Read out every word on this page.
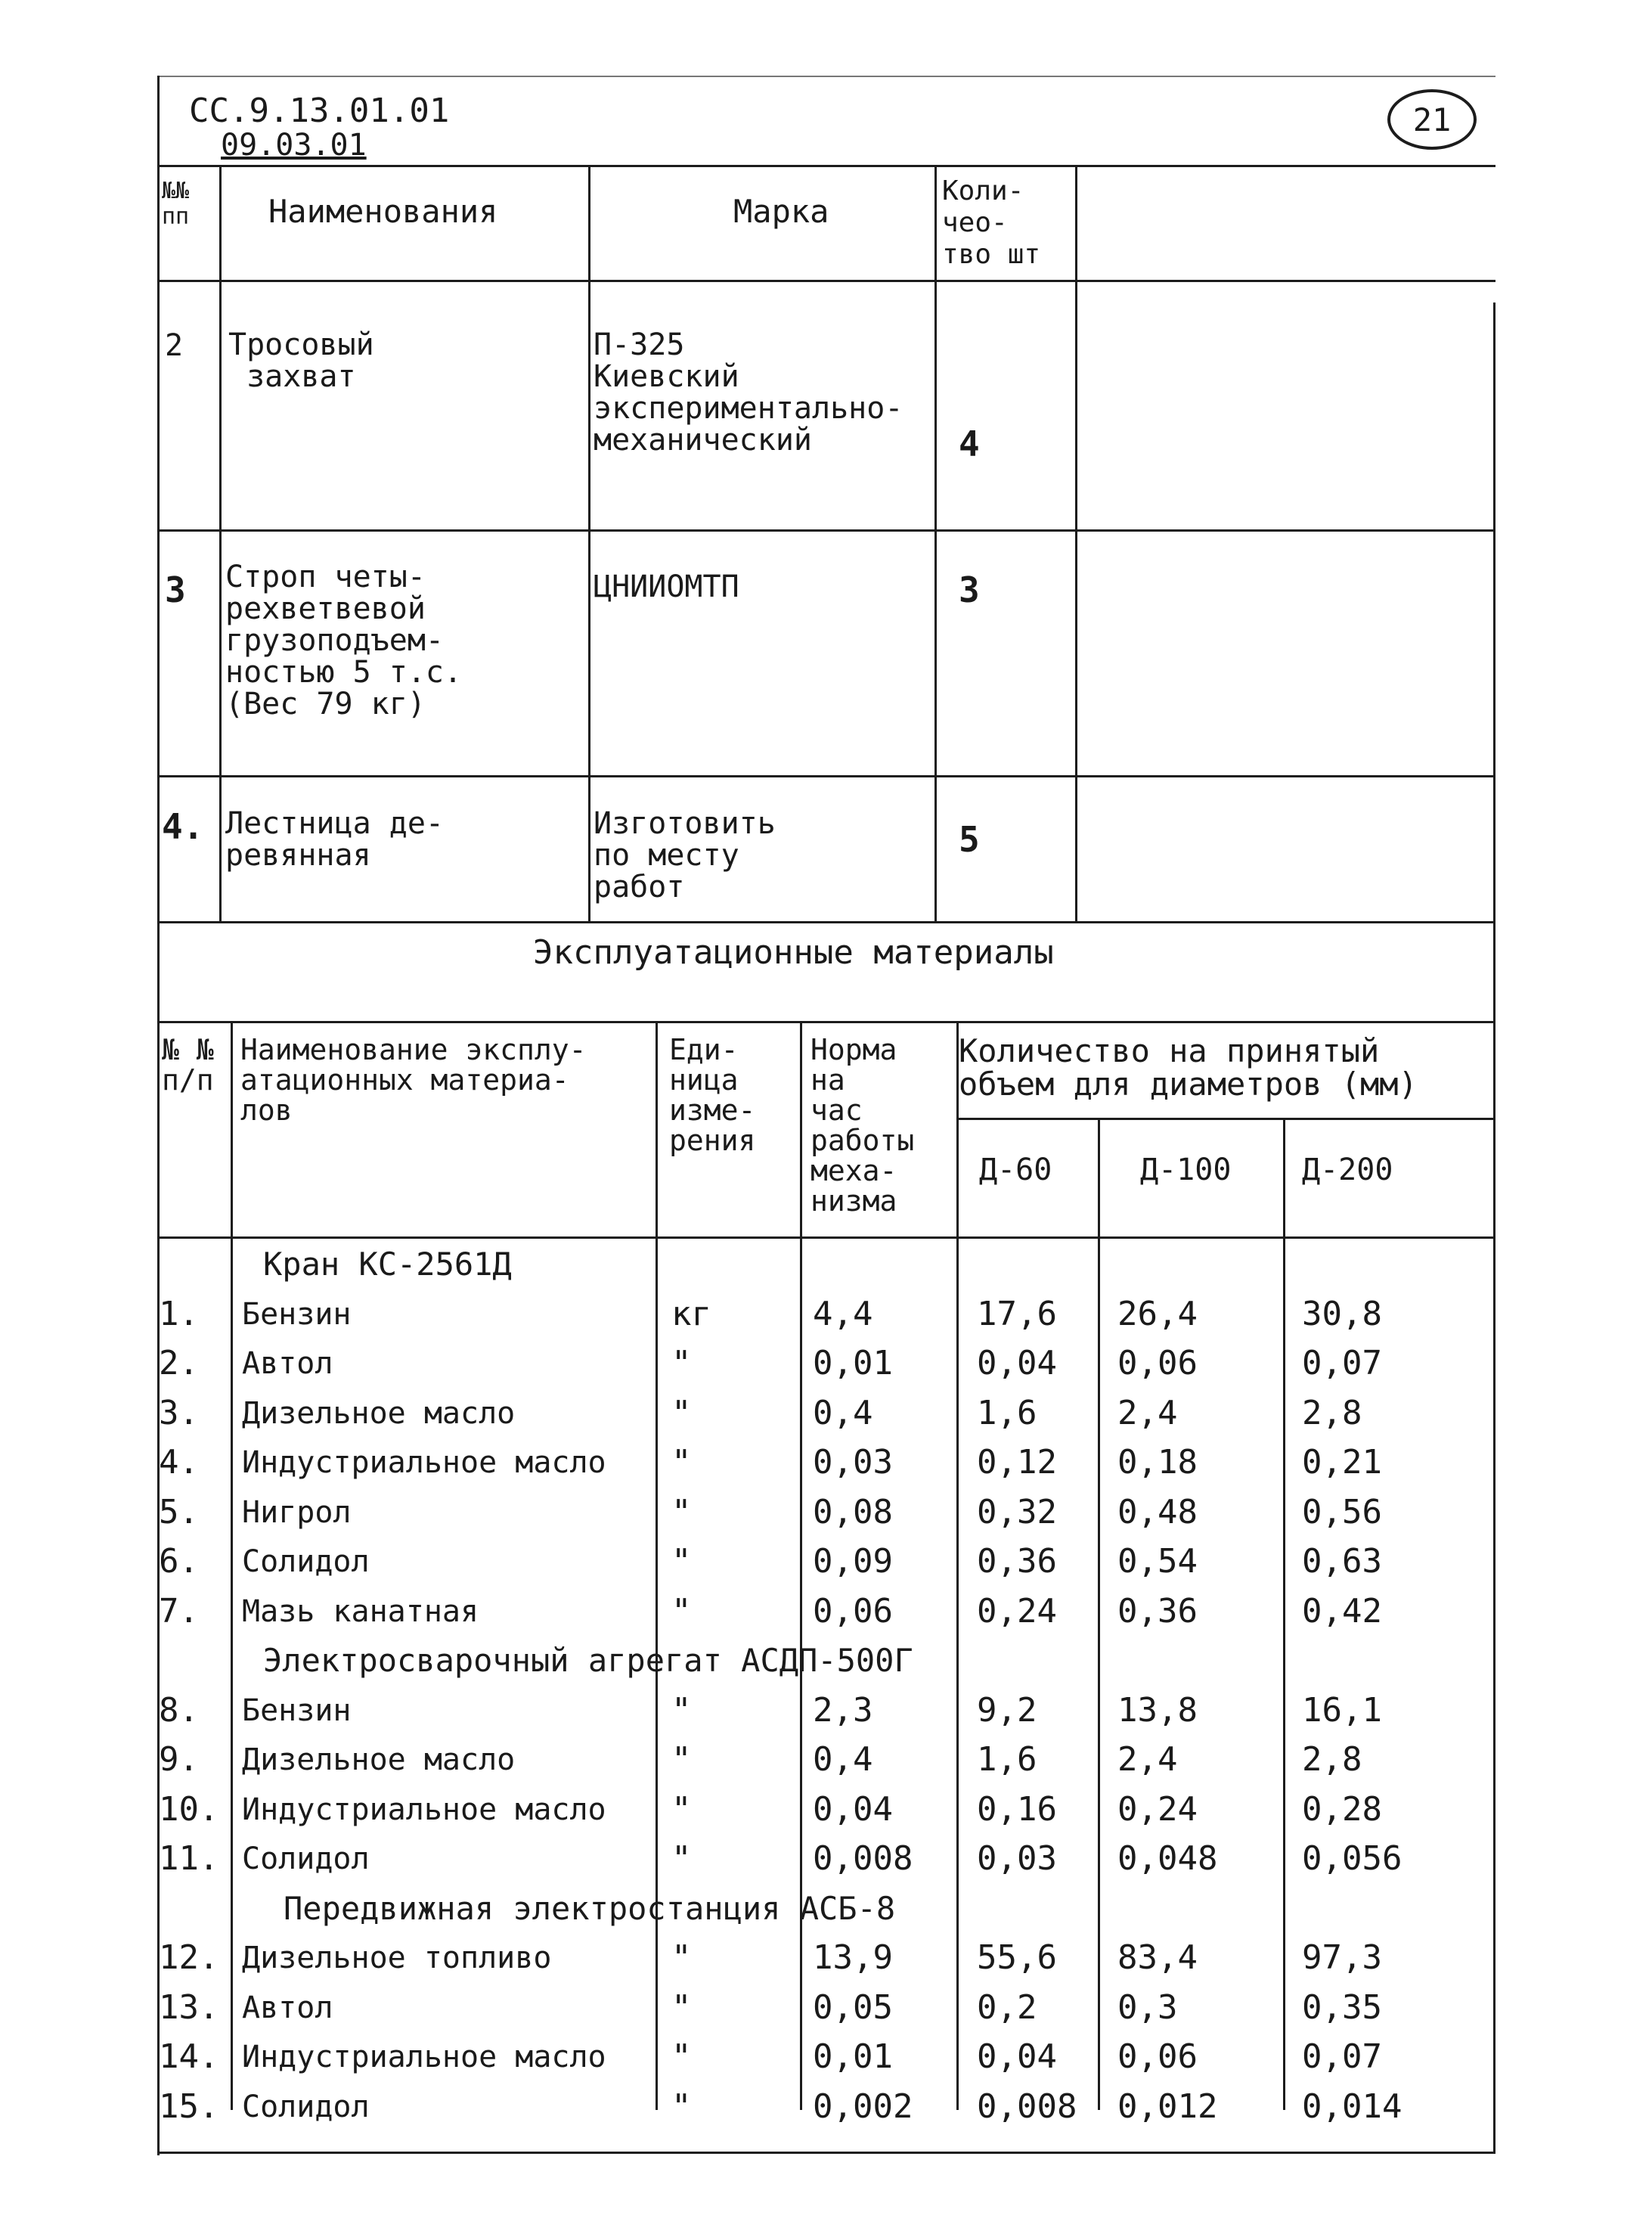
СС.9.13.01.01
09.03.01
21
№№
пп Наименования	Марка
Коли-
чео-
тво шт
2 Тросовый
захват
П-325
Киевский
экспериментально-
механический	4
3 Строп четы-
рехветвевой
грузоподъем-
ностью 5 т.с.
(Вес 79 кг)
ЦНИИОМТП	3
4. Лестница де-
ревянная
Изготовить
по месту
работ
5
Эксплуатационные материалы
№ №
п/п
Наименование эксплу-
атационных материа-
лов
Еди-
ница
изме-
рения
Норма
на
час
работы
меха-
низма
Количество на принятый
объем для диаметров (мм)
Д-60	Д-100 Д-200
Кран КС-2561Д
1. Бензин	кг	4,4	17,6 26,4	30,8
2. Автол	"	0,01	0,04 0,06	0,07
3. Дизельное масло	"	0,4	1,6 2,4	2,8
4. Индустриальное масло "	0,03	0,12 0,18	0,21
5. Нигрол	"	0,08	0,32 0,48	0,56
6. Солидол	"	0,09	0,36 0,54	0,63
7. Мазь канатная	"	0,06	0,24 0,36	0,42
Электросварочный агрегат АСДП-500Г
8. Бензин	"	2,3	9,2 13,8	16,1
9. Дизельное масло	"	0,4	1,6 2,4	2,8
10. Индустриальное масло "	0,04	0,16 0,24	0,28
11. Солидол	"	0,008 0,03 0,048	0,056
Передвижная электростанция АСБ-8
12. Дизельное топливо	"	13,9	55,6 83,4	97,3
13. Автол	"	0,05	0,2 0,3	0,35
14. Индустриальное масло "	0,01	0,04 0,06	0,07
15. Солидол	"	0,002 0,008 0,012	0,014
